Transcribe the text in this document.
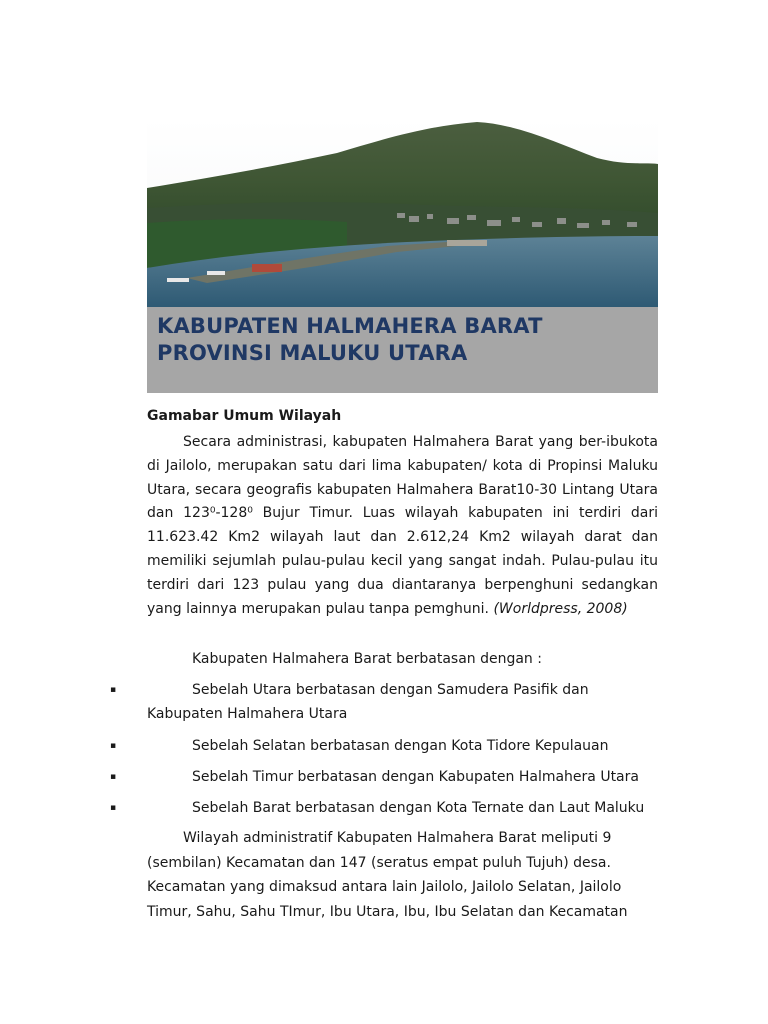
KABUPATEN HALMAHERA BARAT
PROVINSI MALUKU UTARA
Gamabar Umum Wilayah
Secara administrasi, kabupaten Halmahera Barat yang ber-ibukota di Jailolo, merupakan satu dari lima kabupaten/ kota di Propinsi Maluku Utara, secara geografis kabupaten Halmahera Barat10-30 Lintang Utara dan 123⁰-128⁰ Bujur Timur. Luas wilayah kabupaten ini terdiri dari 11.623.42 Km2 wilayah laut dan 2.612,24 Km2 wilayah darat dan memiliki sejumlah pulau-pulau kecil yang sangat indah. Pulau-pulau itu terdiri dari 123 pulau yang dua diantaranya berpenghuni sedangkan yang lainnya merupakan pulau tanpa pemghuni. (Worldpress, 2008)
Kabupaten Halmahera Barat berbatasan dengan :
▪	Sebelah Utara berbatasan dengan Samudera Pasifik dan
Kabupaten Halmahera Utara
▪	Sebelah Selatan berbatasan dengan Kota Tidore Kepulauan
▪	Sebelah Timur berbatasan dengan Kabupaten Halmahera Utara
▪	Sebelah Barat berbatasan dengan Kota Ternate dan Laut Maluku
Wilayah administratif Kabupaten Halmahera Barat meliputi 9
(sembilan) Kecamatan dan 147 (seratus empat puluh Tujuh) desa.
Kecamatan yang dimaksud antara lain Jailolo, Jailolo Selatan, Jailolo
Timur, Sahu, Sahu TImur, Ibu Utara, Ibu, Ibu Selatan dan Kecamatan
